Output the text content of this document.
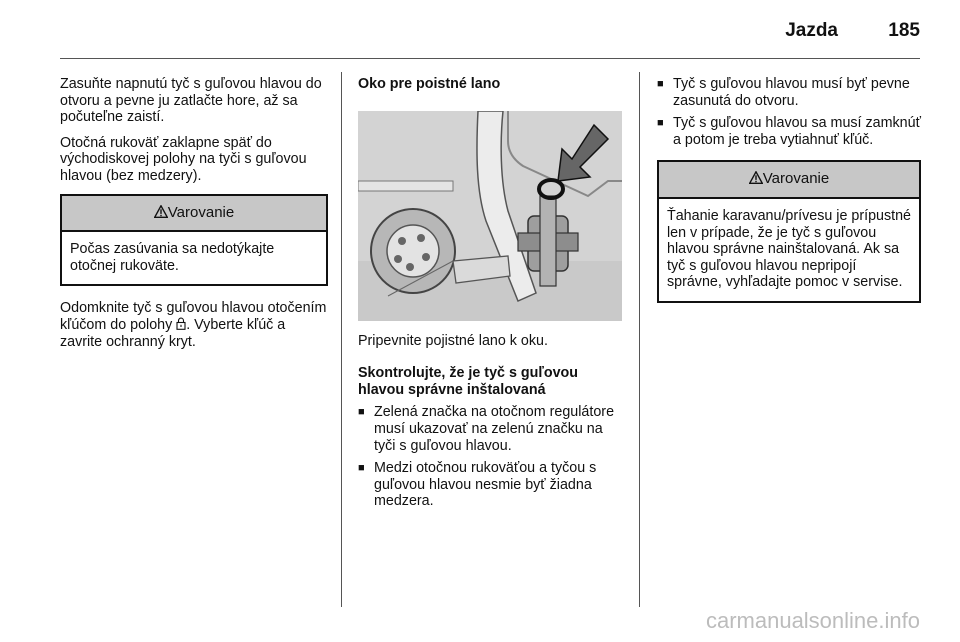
Jazda	185

Zasuňte napnutú tyč s guľovou hlavou do otvoru a pevne ju zatlačte hore, až sa počuteľne zaistí.

Otočná rukoväť zaklapne späť do východiskovej polohy na tyči s guľovou hlavou (bez medzery).

Varovanie
Počas zasúvania sa nedotýkajte otočnej rukoväte.

Odomknite tyč s guľovou hlavou otočením kľúčom do polohy . Vyberte kľúč a zavrite ochranný kryt.

Oko pre poistné lano

Pripevnite pojistné lano k oku.

Skontrolujte, že je tyč s guľovou hlavou správne inštalovaná
■ Zelená značka na otočnom regulátore musí ukazovať na zelenú značku na tyči s guľovou hlavou.
■ Medzi otočnou rukoväťou a tyčou s guľovou hlavou nesmie byť žiadna medzera.
■ Tyč s guľovou hlavou musí byť pevne zasunutá do otvoru.
■ Tyč s guľovou hlavou sa musí zamknúť a potom je treba vytiahnuť kľúč.
Varovanie
Ťahanie karavanu/prívesu je prípustné len v prípade, že je tyč s guľovou hlavou správne nainštalovaná. Ak sa tyč s guľovou hlavou nepripojí správne, vyhľadajte pomoc v servise.
carmanualsonline.info
